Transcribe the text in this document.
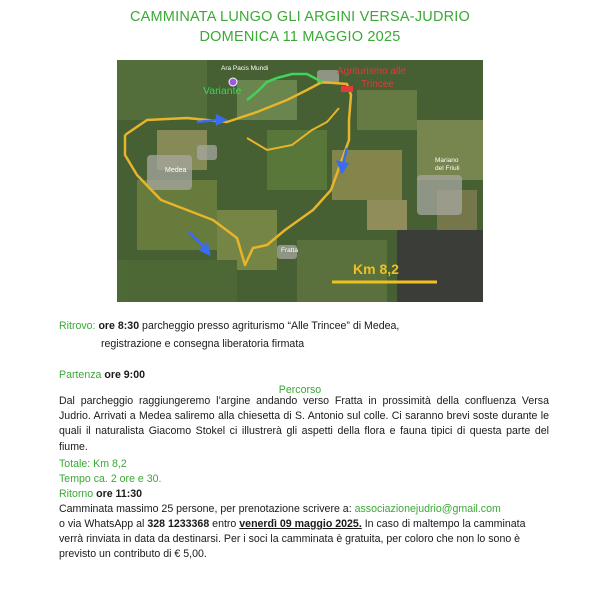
CAMMINATA LUNGO GLI ARGINI VERSA-JUDRIO
DOMENICA 11 MAGGIO 2025
Ara Pacis Mundi
Variante
Agriturismo alle
Trincee
Medea
Mariano
del Friuli
Fratta
Km 8,2
Ritrovo: ore 8:30 parcheggio presso agriturismo “Alle Trincee” di Medea,
registrazione e consegna liberatoria firmata
Partenza ore 9:00
Percorso
Dal parcheggio raggiungeremo l’argine andando verso Fratta in prossimità della confluenza Versa Judrio. Arrivati a Medea saliremo alla chiesetta di S. Antonio sul colle. Ci saranno brevi soste durante le quali il naturalista Giacomo Stokel ci illustrerà gli aspetti della flora e fauna tipici di questa parte del fiume.
Totale: Km 8,2
Tempo ca. 2 ore e 30.
Ritorno ore 11:30
Camminata massimo 25 persone, per prenotazione scrivere a: associazionejudrio@gmail.com
o via WhatsApp al 328 1233368 entro venerdì 09 maggio 2025. In caso di maltempo la camminata
verrà rinviata in data da destinarsi. Per i soci la camminata è gratuita, per coloro che non lo sono è
previsto un contributo di € 5,00.
